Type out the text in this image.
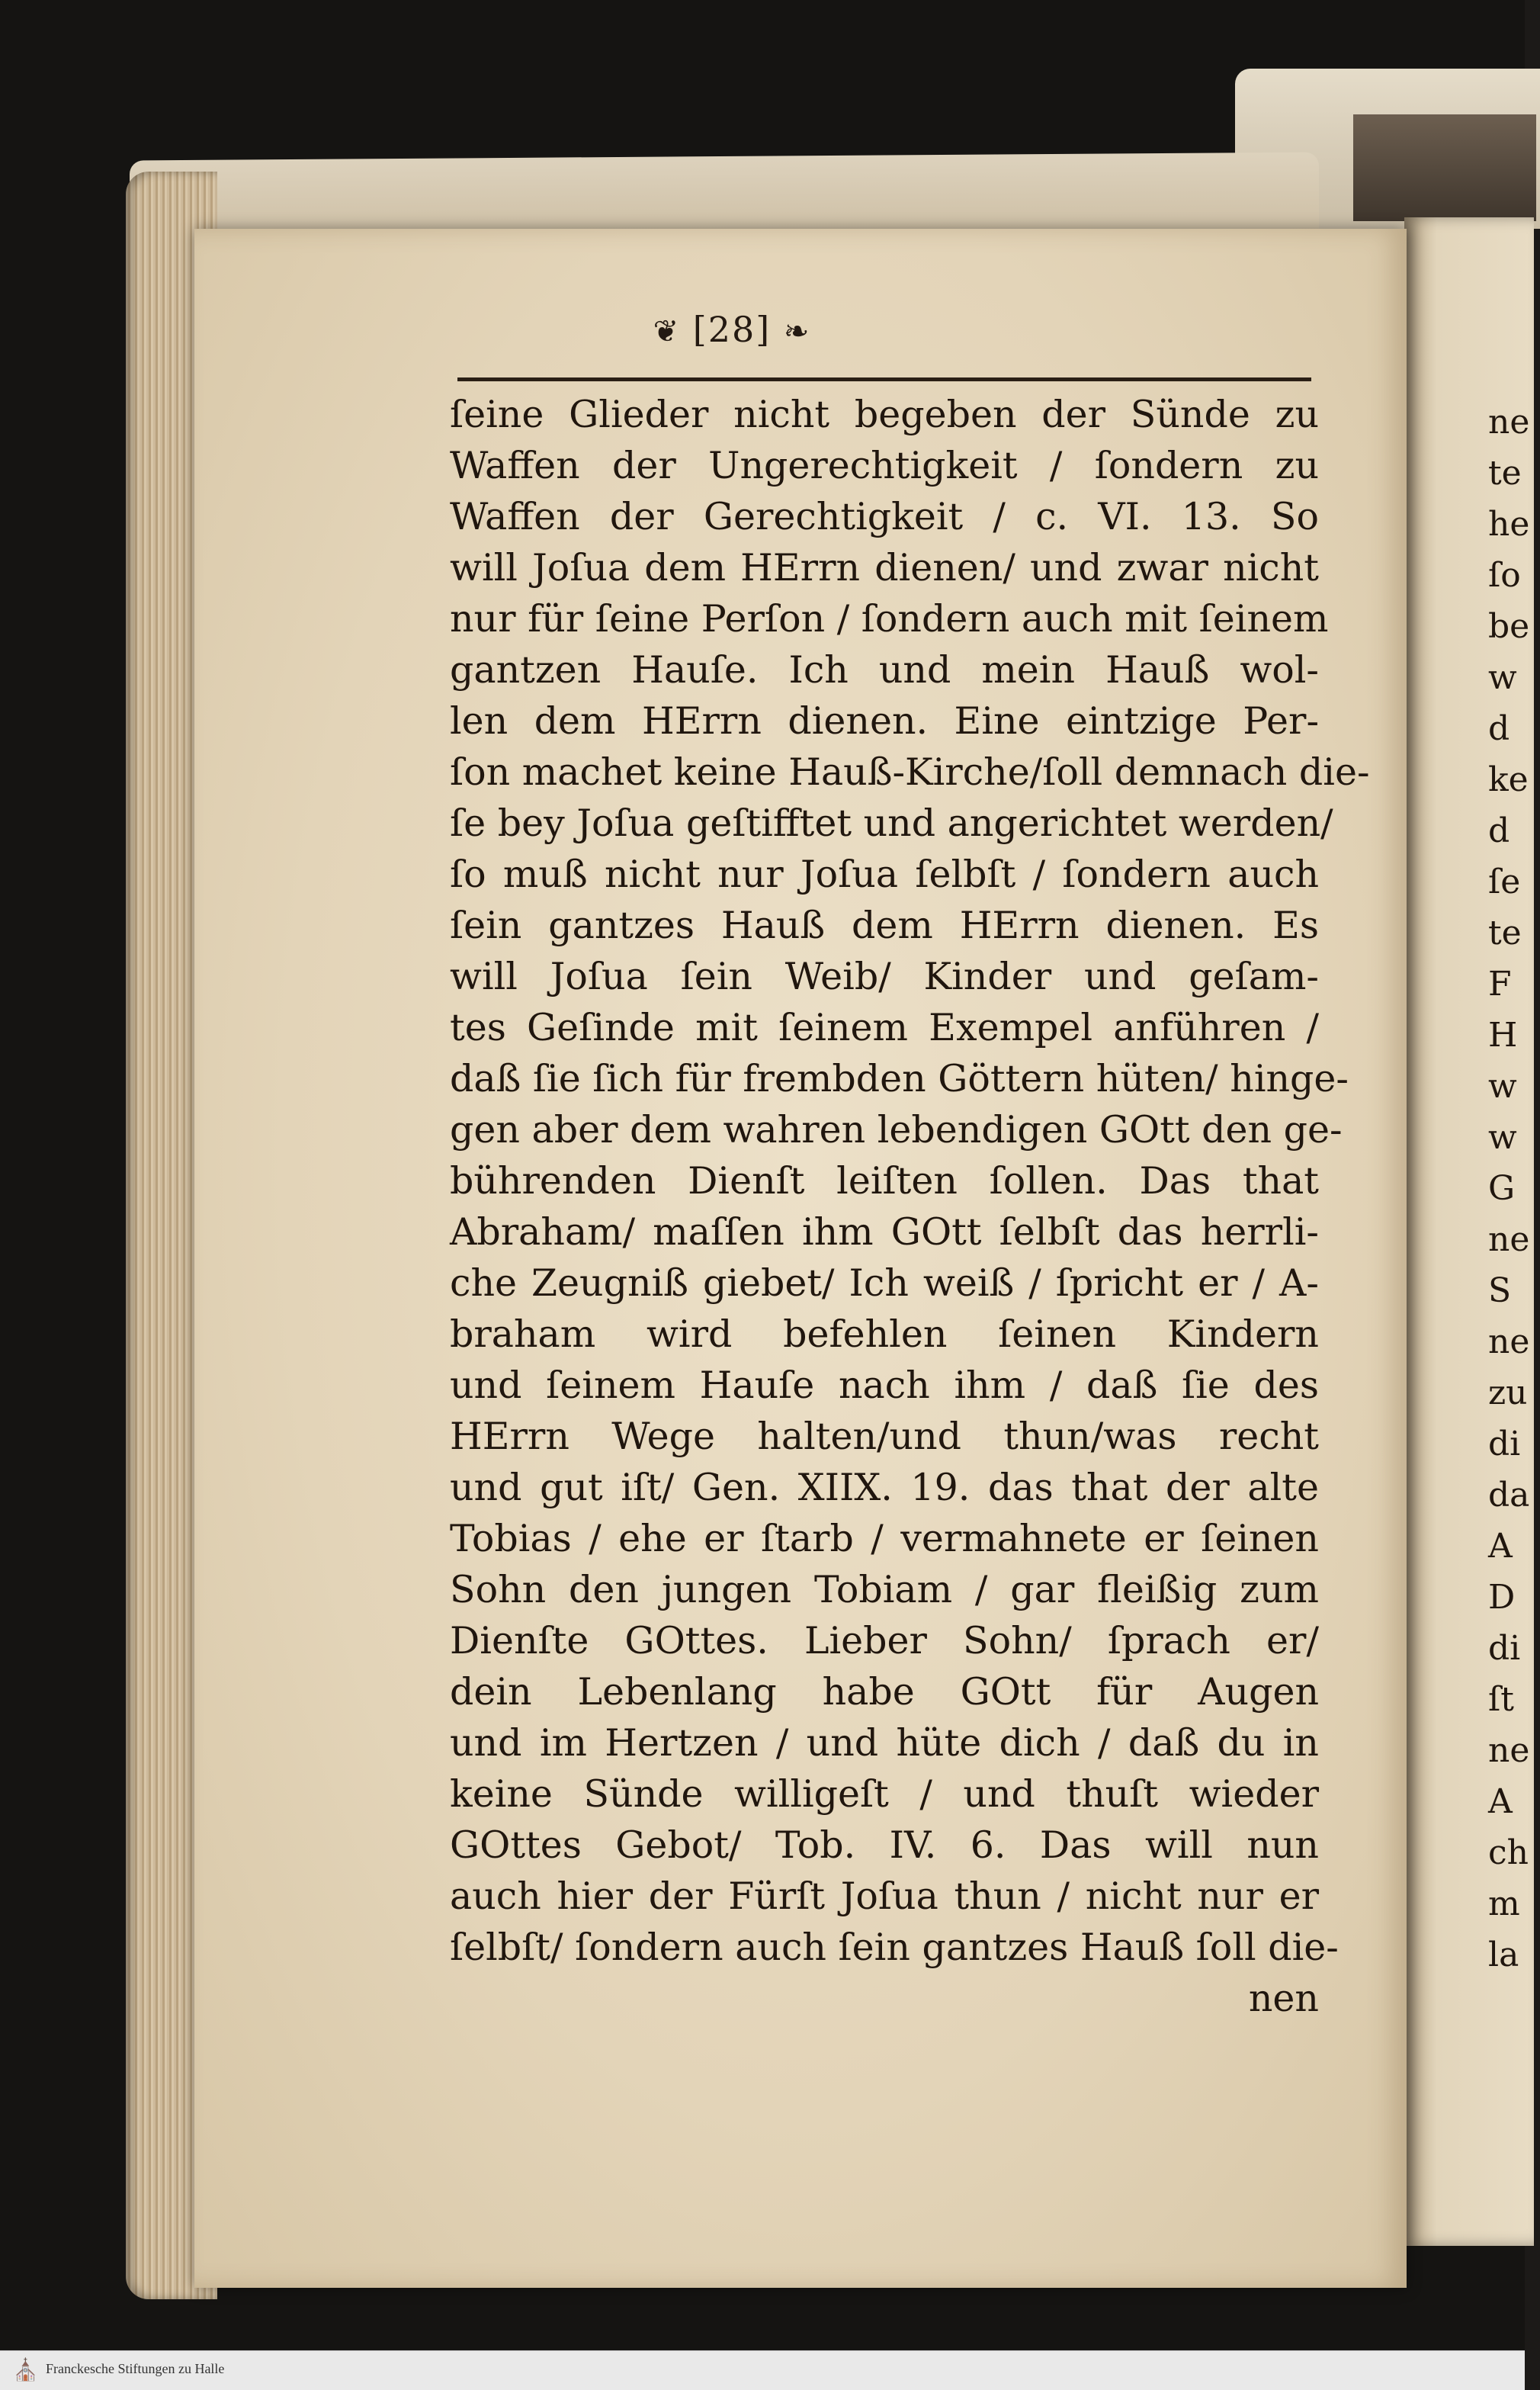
❦ [28] ❧
ſeine Glieder nicht begeben der Sünde zu
Waffen der Ungerechtigkeit / ſondern zu
Waffen der Gerechtigkeit / c. VI. 13. So
will Joſua dem HErrn dienen/ und zwar nicht
nur für ſeine Perſon / ſondern auch mit ſeinem
gantzen Hauſe. Ich und mein Hauß wol-
len dem HErrn dienen. Eine eintzige Per-
ſon machet keine Hauß-Kirche/ſoll demnach die-
ſe bey Joſua geſtifftet und angerichtet werden/
ſo muß nicht nur Joſua ſelbſt / ſondern auch
ſein gantzes Hauß dem HErrn dienen. Es
will Joſua ſein Weib/ Kinder und geſam-
tes Geſinde mit ſeinem Exempel anführen /
daß ſie ſich für frembden Göttern hüten/ hinge-
gen aber dem wahren lebendigen GOtt den ge-
bührenden Dienſt leiſten ſollen. Das that
Abraham/ maſſen ihm GOtt ſelbſt das herrli-
che Zeugniß giebet/ Ich weiß / ſpricht er / A-
braham wird befehlen ſeinen Kindern
und ſeinem Hauſe nach ihm / daß ſie des
HErrn Wege halten/und thun/was recht
und gut iſt/ Gen. XIIX. 19. das that der alte
Tobias / ehe er ſtarb / vermahnete er ſeinen
Sohn den jungen Tobiam / gar fleißig zum
Dienſte GOttes. Lieber Sohn/ ſprach er/
dein Lebenlang habe GOtt für Augen
und im Hertzen / und hüte dich / daß du in
keine Sünde willigeſt / und thuſt wieder
GOttes Gebot/ Tob. IV. 6. Das will nun
auch hier der Fürſt Joſua thun / nicht nur er
ſelbſt/ ſondern auch ſein gantzes Hauß ſoll die-
nen
ne
te
he
ſo
be
w
d
ke
d
ſe
te
F
H
w
w
G
ne
S
ne
zu
di
da
A
D
di
ſt
ne
A
ch
m
la
⛪ Franckesche Stiftungen zu Halle
